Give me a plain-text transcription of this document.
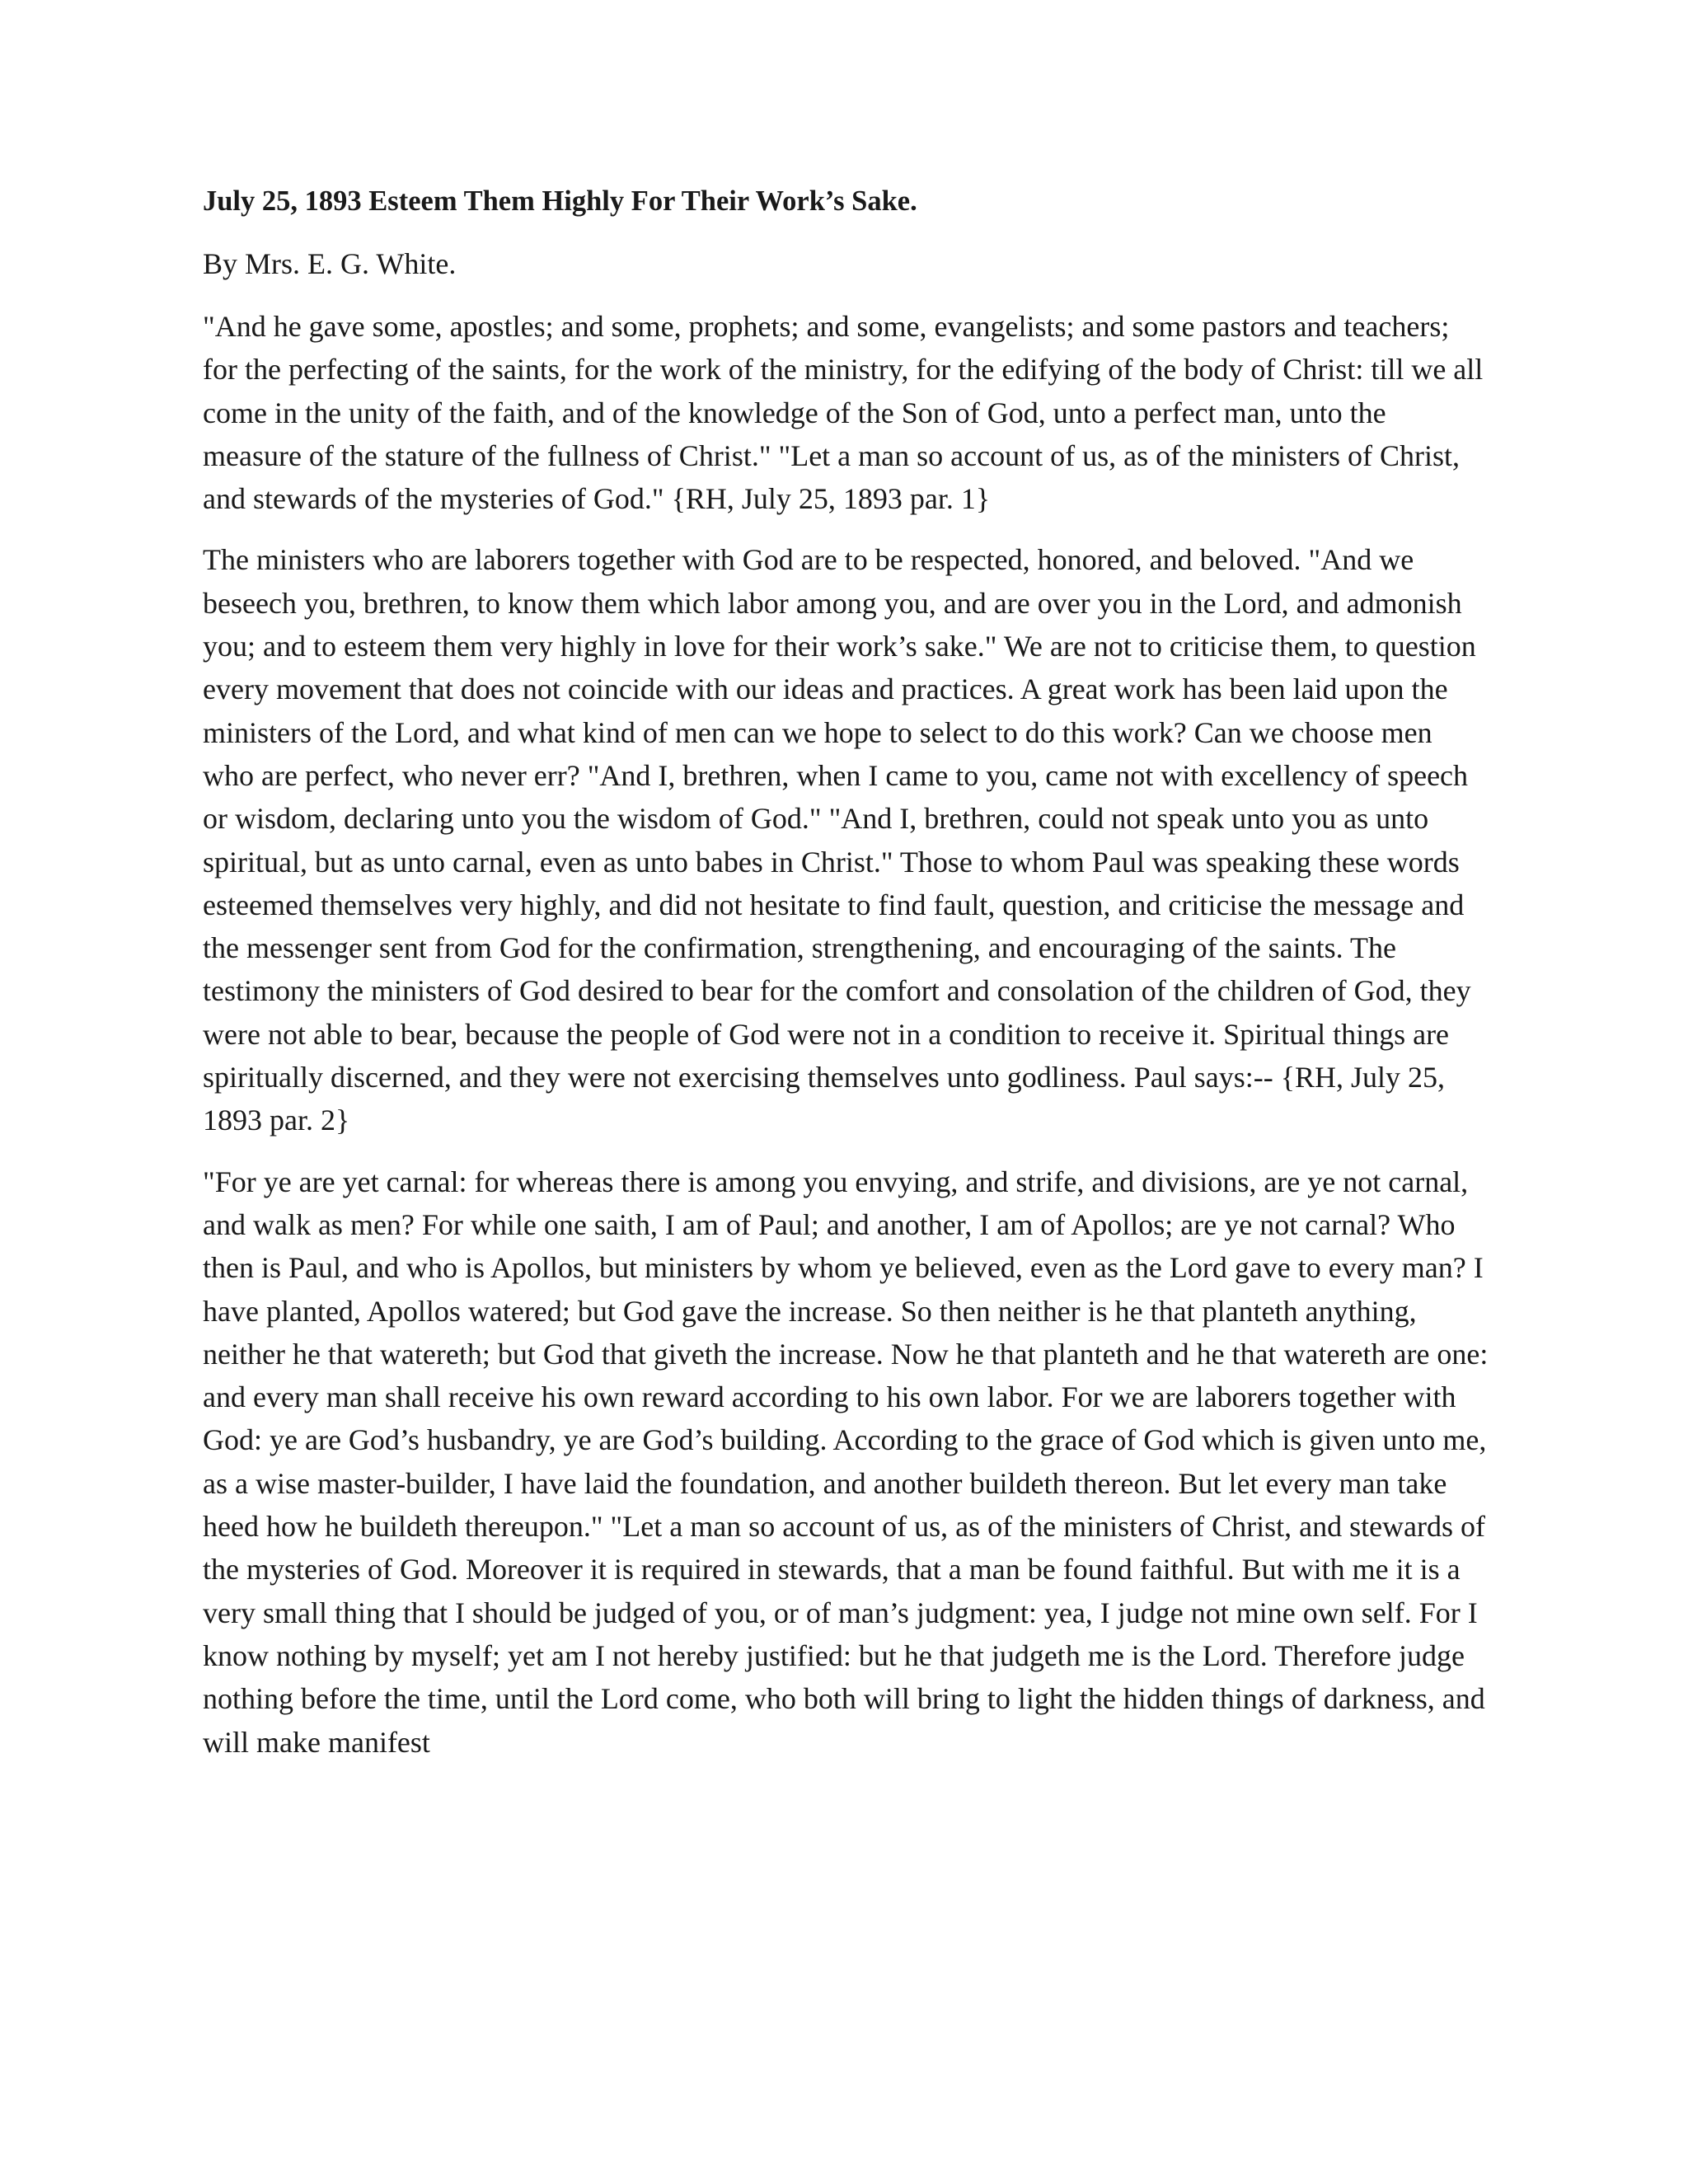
July 25, 1893 Esteem Them Highly For Their Work’s Sake.

By Mrs. E. G. White.

"And he gave some, apostles; and some, prophets; and some, evangelists; and some pastors and teachers; for the perfecting of the saints, for the work of the ministry, for the edifying of the body of Christ: till we all come in the unity of the faith, and of the knowledge of the Son of God, unto a perfect man, unto the measure of the stature of the fullness of Christ." "Let a man so account of us, as of the ministers of Christ, and stewards of the mysteries of God." {RH, July 25, 1893 par. 1}

The ministers who are laborers together with God are to be respected, honored, and beloved. "And we beseech you, brethren, to know them which labor among you, and are over you in the Lord, and admonish you; and to esteem them very highly in love for their work’s sake." We are not to criticise them, to question every movement that does not coincide with our ideas and practices. A great work has been laid upon the ministers of the Lord, and what kind of men can we hope to select to do this work? Can we choose men who are perfect, who never err? "And I, brethren, when I came to you, came not with excellency of speech or wisdom, declaring unto you the wisdom of God." "And I, brethren, could not speak unto you as unto spiritual, but as unto carnal, even as unto babes in Christ." Those to whom Paul was speaking these words esteemed themselves very highly, and did not hesitate to find fault, question, and criticise the message and the messenger sent from God for the confirmation, strengthening, and encouraging of the saints. The testimony the ministers of God desired to bear for the comfort and consolation of the children of God, they were not able to bear, because the people of God were not in a condition to receive it. Spiritual things are spiritually discerned, and they were not exercising themselves unto godliness. Paul says:-- {RH, July 25, 1893 par. 2}

"For ye are yet carnal: for whereas there is among you envying, and strife, and divisions, are ye not carnal, and walk as men? For while one saith, I am of Paul; and another, I am of Apollos; are ye not carnal? Who then is Paul, and who is Apollos, but ministers by whom ye believed, even as the Lord gave to every man? I have planted, Apollos watered; but God gave the increase. So then neither is he that planteth anything, neither he that watereth; but God that giveth the increase. Now he that planteth and he that watereth are one: and every man shall receive his own reward according to his own labor. For we are laborers together with God: ye are God’s husbandry, ye are God’s building. According to the grace of God which is given unto me, as a wise master-builder, I have laid the foundation, and another buildeth thereon. But let every man take heed how he buildeth thereupon." "Let a man so account of us, as of the ministers of Christ, and stewards of the mysteries of God. Moreover it is required in stewards, that a man be found faithful. But with me it is a very small thing that I should be judged of you, or of man’s judgment: yea, I judge not mine own self. For I know nothing by myself; yet am I not hereby justified: but he that judgeth me is the Lord. Therefore judge nothing before the time, until the Lord come, who both will bring to light the hidden things of darkness, and will make manifest
